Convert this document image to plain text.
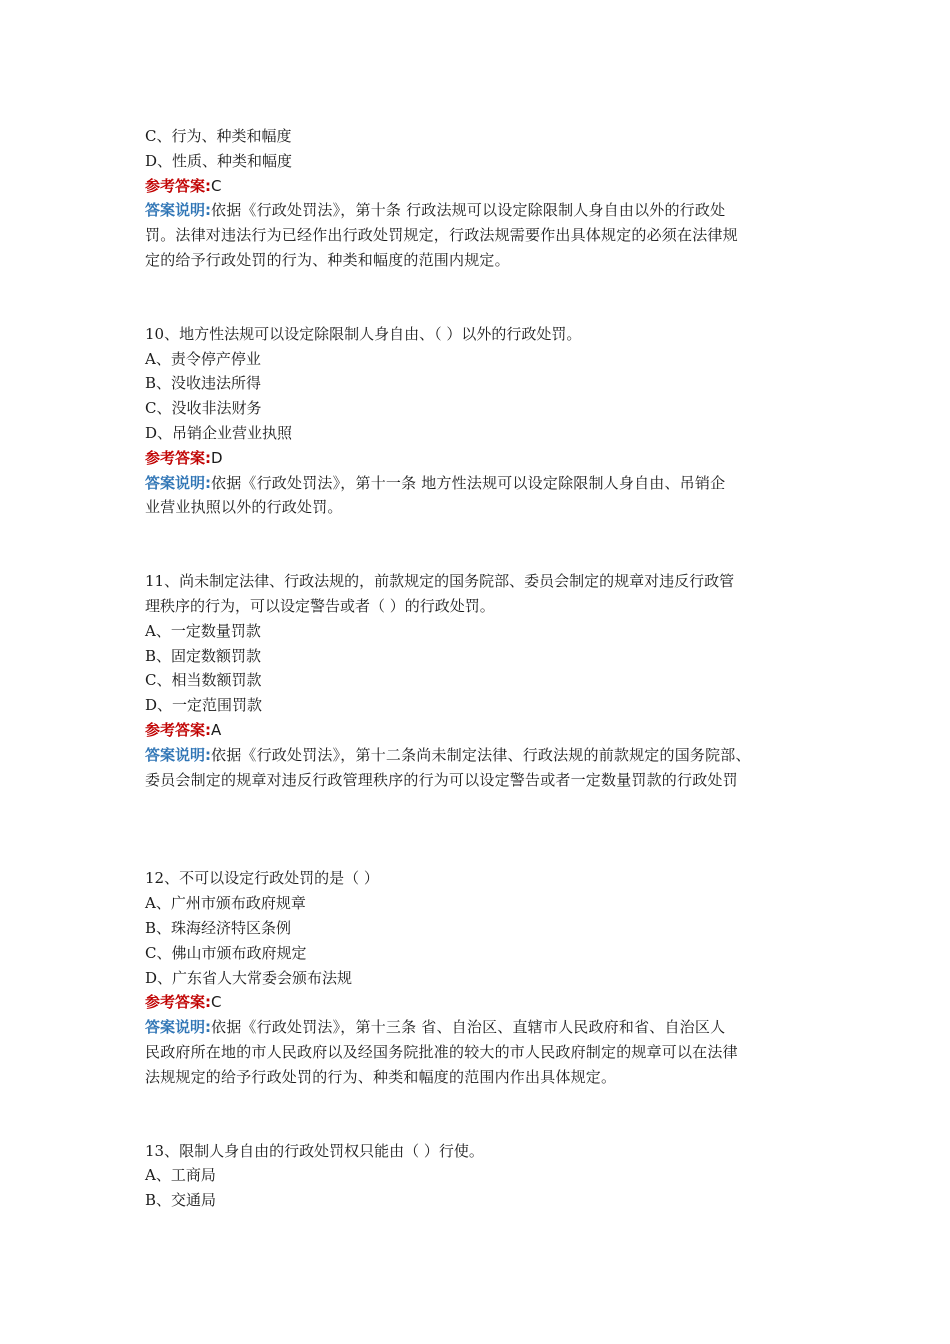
C、行为、种类和幅度
D、性质、种类和幅度
参考答案:C
答案说明:依据《行政处罚法》，第十条 行政法规可以设定除限制人身自由以外的行政处
罚。法律对违法行为已经作出行政处罚规定，行政法规需要作出具体规定的必须在法律规
定的给予行政处罚的行为、种类和幅度的范围内规定。
10、地方性法规可以设定除限制人身自由、（ ）以外的行政处罚。
A、责令停产停业
B、没收违法所得
C、没收非法财务
D、吊销企业营业执照
参考答案:D
答案说明:依据《行政处罚法》，第十一条 地方性法规可以设定除限制人身自由、吊销企
业营业执照以外的行政处罚。
11、尚未制定法律、行政法规的，前款规定的国务院部、委员会制定的规章对违反行政管
理秩序的行为，可以设定警告或者（ ）的行政处罚。
A、一定数量罚款
B、固定数额罚款
C、相当数额罚款
D、一定范围罚款
参考答案:A
答案说明:依据《行政处罚法》，第十二条尚未制定法律、行政法规的前款规定的国务院部、
委员会制定的规章对违反行政管理秩序的行为可以设定警告或者一定数量罚款的行政处罚
12、不可以设定行政处罚的是（ ）
A、广州市颁布政府规章
B、珠海经济特区条例
C、佛山市颁布政府规定
D、广东省人大常委会颁布法规
参考答案:C
答案说明:依据《行政处罚法》，第十三条 省、自治区、直辖市人民政府和省、自治区人
民政府所在地的市人民政府以及经国务院批准的较大的市人民政府制定的规章可以在法律
法规规定的给予行政处罚的行为、种类和幅度的范围内作出具体规定。
13、限制人身自由的行政处罚权只能由（ ）行使。
A、工商局
B、交通局
